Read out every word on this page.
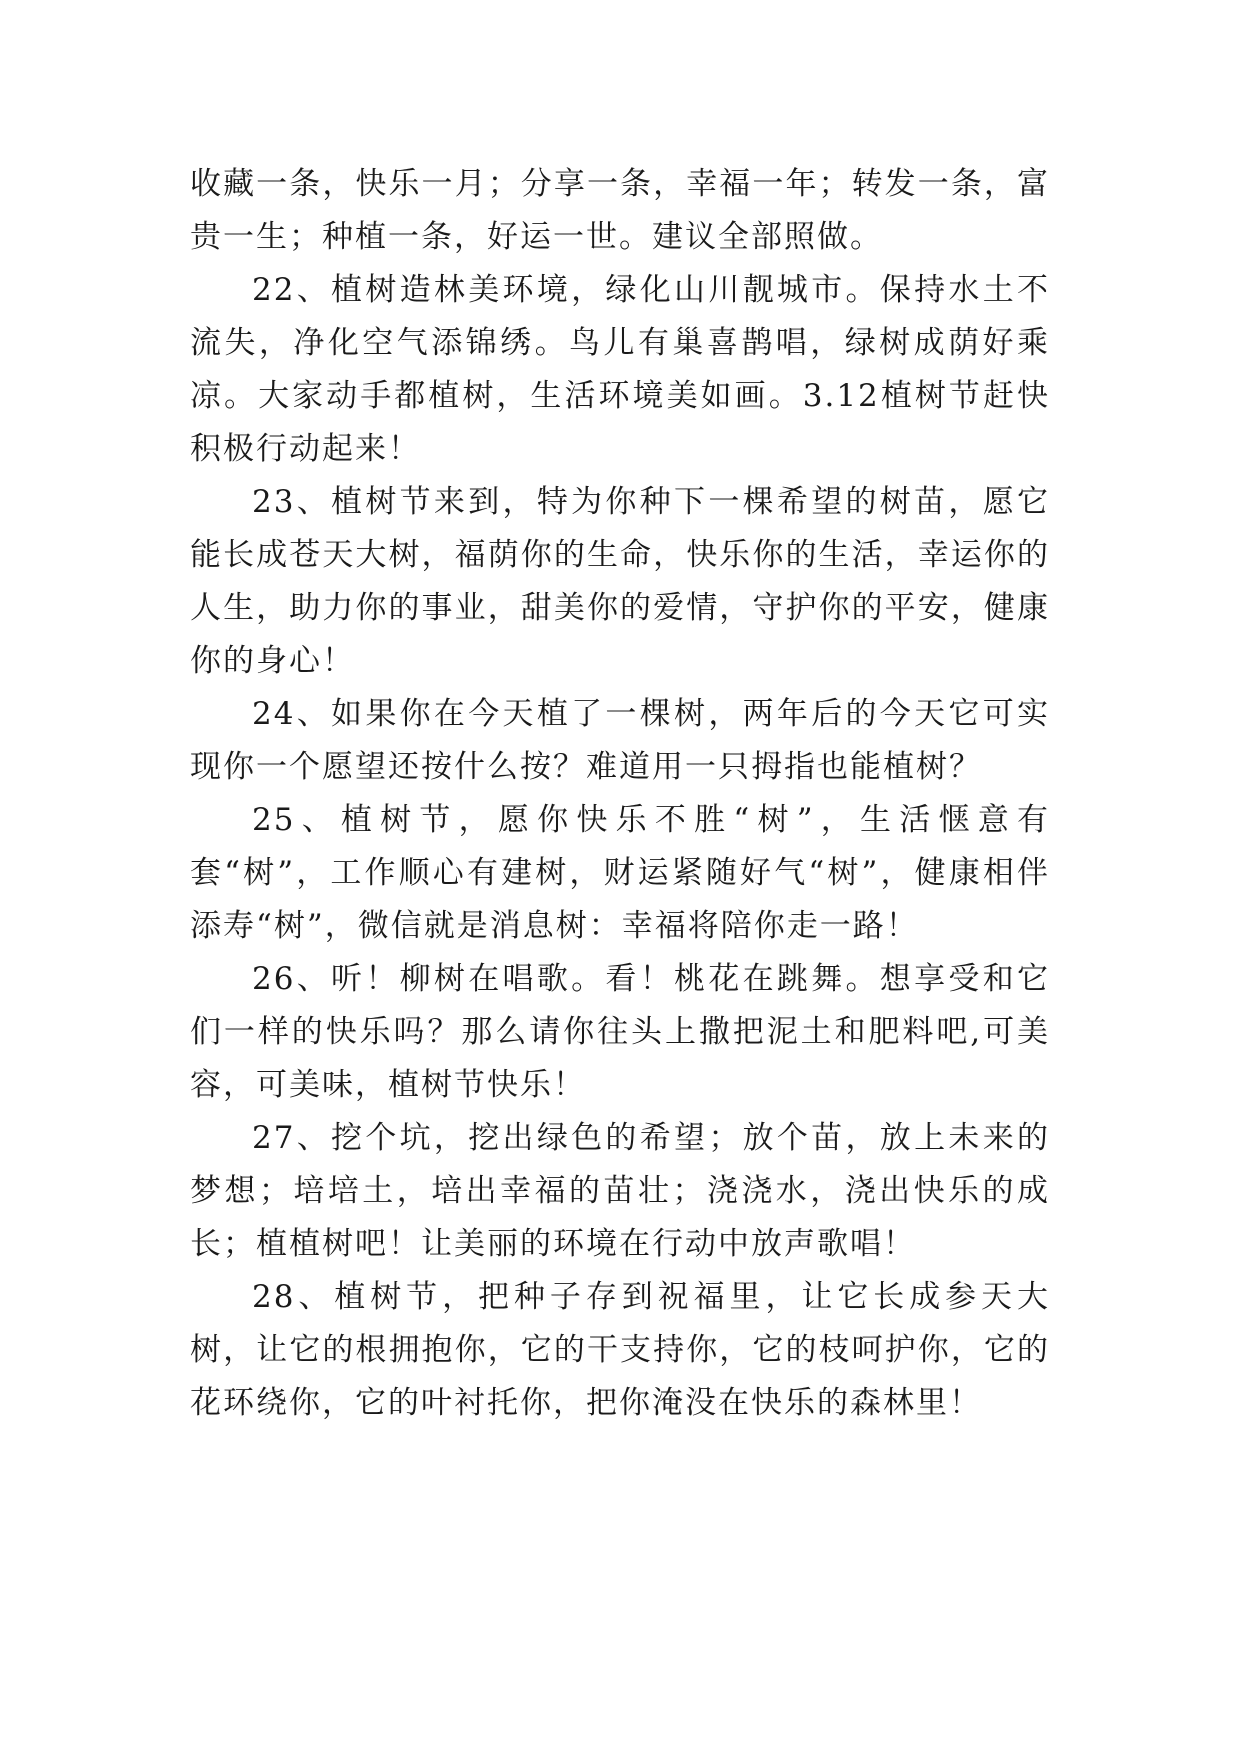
收藏一条，快乐一月；分享一条，幸福一年；转发一条，富贵一生；种植一条，好运一世。建议全部照做。

22、植树造林美环境，绿化山川靓城市。保持水土不流失，净化空气添锦绣。鸟儿有巢喜鹊唱，绿树成荫好乘凉。大家动手都植树，生活环境美如画。3.12植树节赶快积极行动起来！

23、植树节来到，特为你种下一棵希望的树苗，愿它能长成苍天大树，福荫你的生命，快乐你的生活，幸运你的人生，助力你的事业，甜美你的爱情，守护你的平安，健康你的身心！

24、如果你在今天植了一棵树，两年后的今天它可实现你一个愿望还按什么按？难道用一只拇指也能植树？

25、植树节，愿你快乐不胜“树”，生活惬意有套“树”，工作顺心有建树，财运紧随好气“树”，健康相伴添寿“树”，微信就是消息树：幸福将陪你走一路！

26、听！柳树在唱歌。看！桃花在跳舞。想享受和它们一样的快乐吗？那么请你往头上撒把泥土和肥料吧,可美容，可美味，植树节快乐！

27、挖个坑，挖出绿色的希望；放个苗，放上未来的梦想；培培土，培出幸福的苗壮；浇浇水，浇出快乐的成长；植植树吧！让美丽的环境在行动中放声歌唱！

28、植树节，把种子存到祝福里，让它长成参天大树，让它的根拥抱你，它的干支持你，它的枝呵护你，它的花环绕你，它的叶衬托你，把你淹没在快乐的森林里！
